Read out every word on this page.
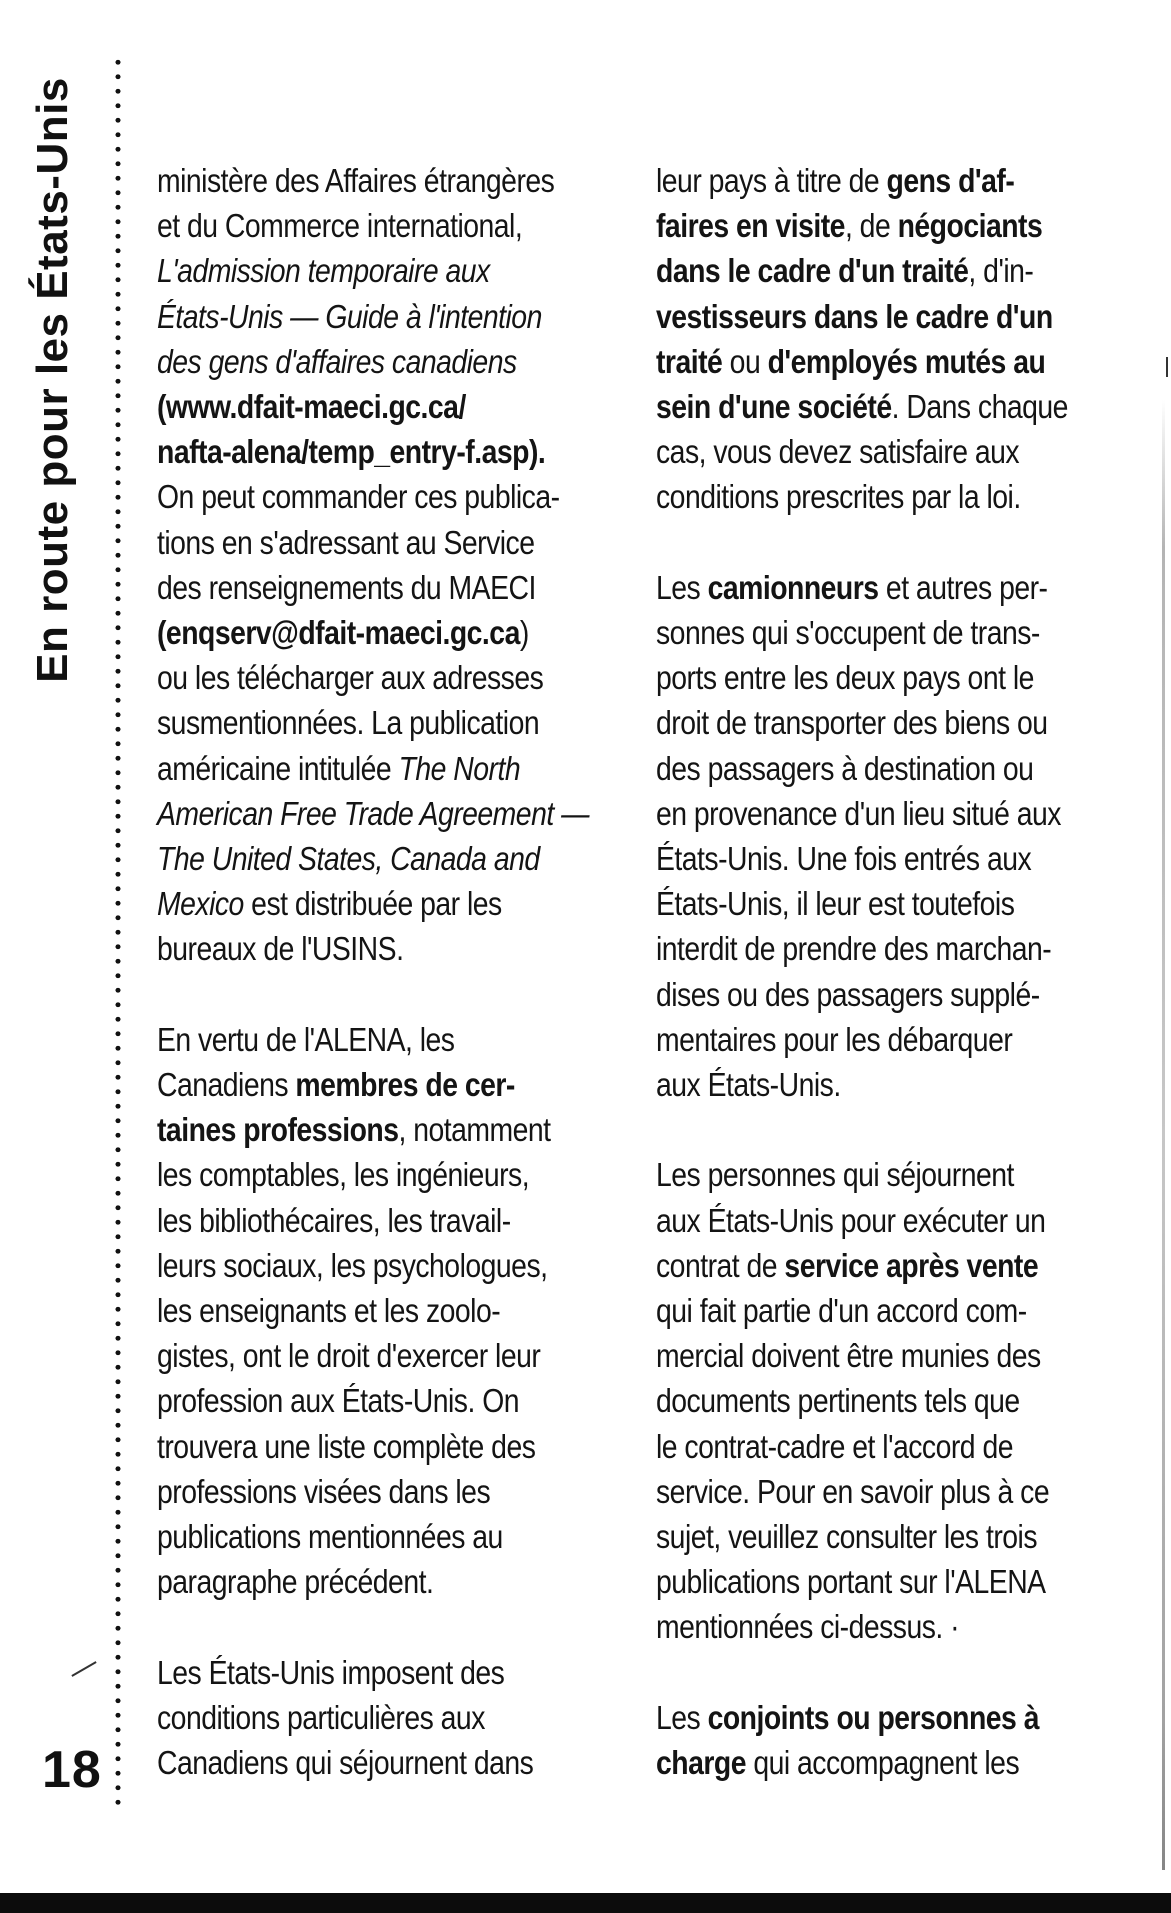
En route pour les États-Unis
18
ministère des Affaires étrangères
et du Commerce international,
L'admission temporaire aux
États-Unis — Guide à l'intention
des gens d'affaires canadiens
(www.dfait-maeci.gc.ca/
nafta-alena/temp_entry-f.asp).
On peut commander ces publica-
tions en s'adressant au Service
des renseignements du MAECI
(enqserv@dfait-maeci.gc.ca)
ou les télécharger aux adresses
susmentionnées. La publication
américaine intitulée The North
American Free Trade Agreement —
The United States, Canada and
Mexico est distribuée par les
bureaux de l'USINS.
En vertu de l'ALENA, les
Canadiens membres de cer-
taines professions, notamment
les comptables, les ingénieurs,
les bibliothécaires, les travail-
leurs sociaux, les psychologues,
les enseignants et les zoolo-
gistes, ont le droit d'exercer leur
profession aux États-Unis. On
trouvera une liste complète des
professions visées dans les
publications mentionnées au
paragraphe précédent.
Les États-Unis imposent des
conditions particulières aux
Canadiens qui séjournent dans
leur pays à titre de gens d'af-
faires en visite, de négociants
dans le cadre d'un traité, d'in-
vestisseurs dans le cadre d'un
traité ou d'employés mutés au
sein d'une société. Dans chaque
cas, vous devez satisfaire aux
conditions prescrites par la loi.
Les camionneurs et autres per-
sonnes qui s'occupent de trans-
ports entre les deux pays ont le
droit de transporter des biens ou
des passagers à destination ou
en provenance d'un lieu situé aux
États-Unis. Une fois entrés aux
États-Unis, il leur est toutefois
interdit de prendre des marchan-
dises ou des passagers supplé-
mentaires pour les débarquer
aux États-Unis.
Les personnes qui séjournent
aux États-Unis pour exécuter un
contrat de service après vente
qui fait partie d'un accord com-
mercial doivent être munies des
documents pertinents tels que
le contrat-cadre et l'accord de
service. Pour en savoir plus à ce
sujet, veuillez consulter les trois
publications portant sur l'ALENA
mentionnées ci-dessus. ·
Les conjoints ou personnes à
charge qui accompagnent les
